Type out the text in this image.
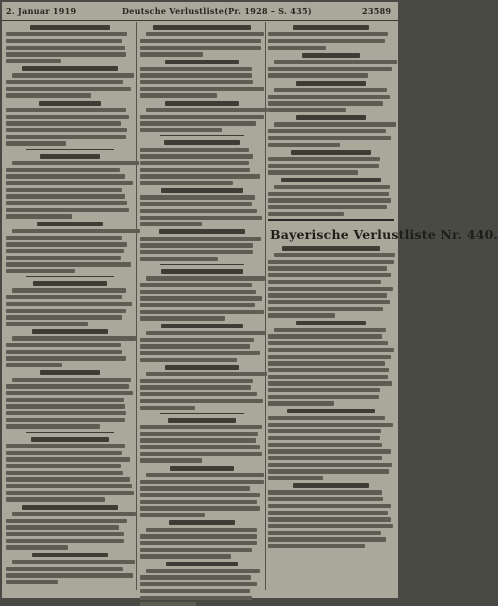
2. Januar 1919	Deutsche Verlustliste (Pr. 1928 – S. 435)	23589
Bayerische Verlustliste Nr. 440.
